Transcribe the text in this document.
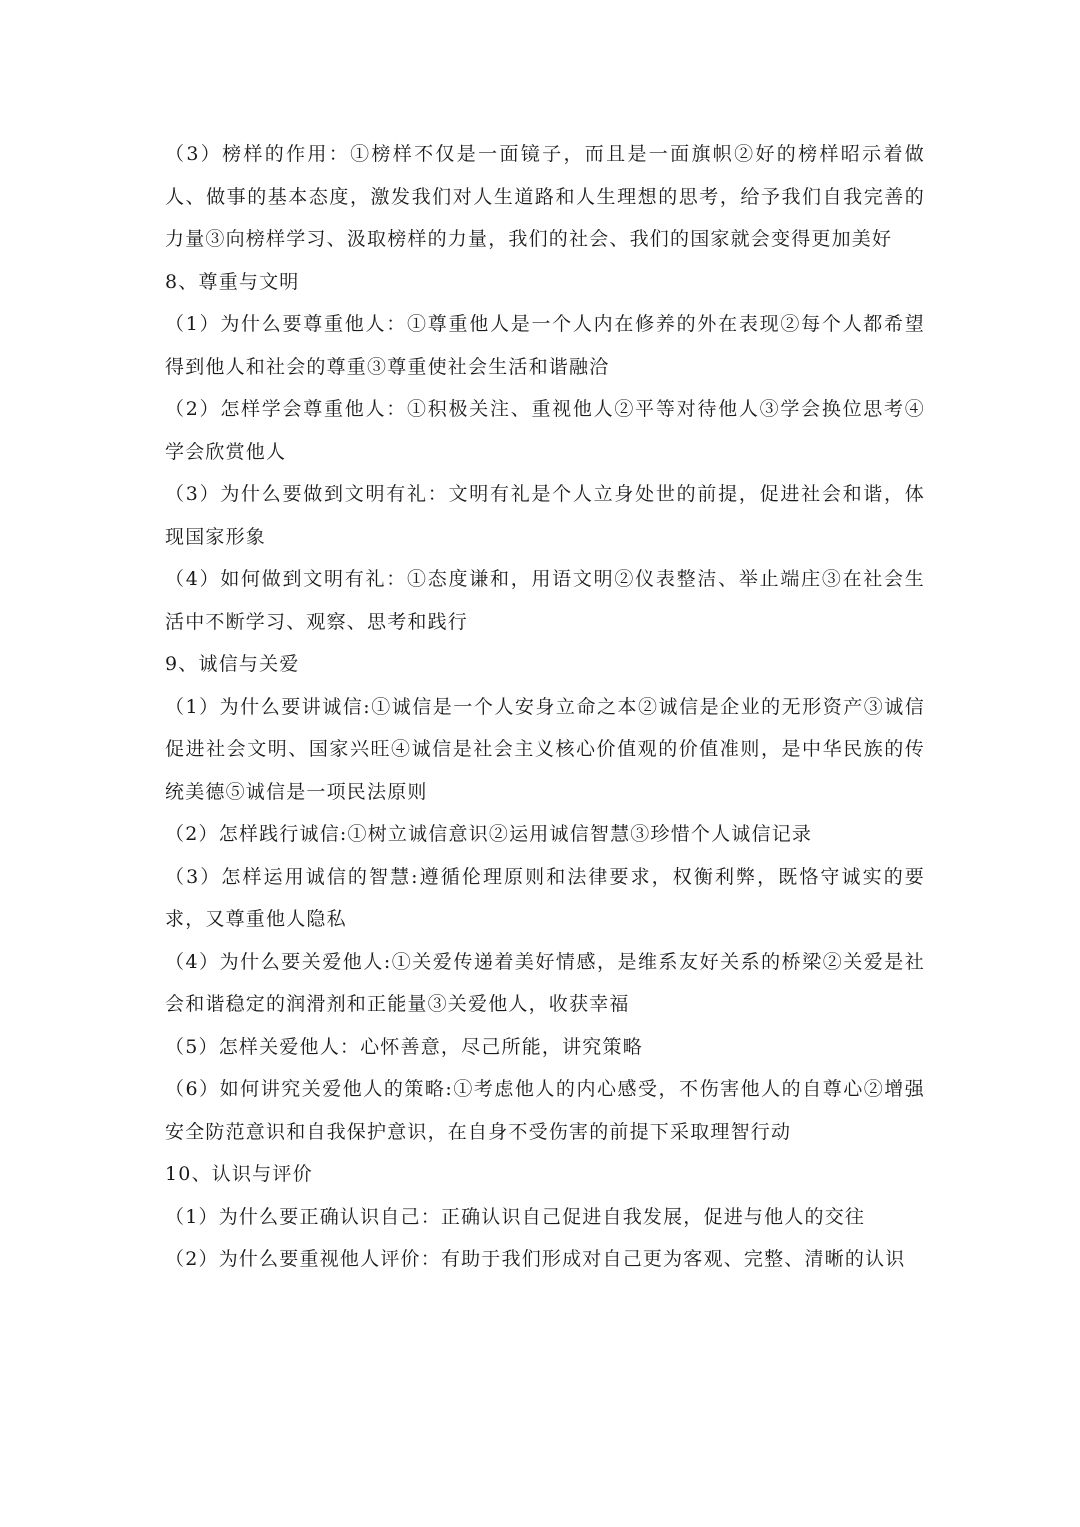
（3）榜样的作用：①榜样不仅是一面镜子，而且是一面旗帜②好的榜样昭示着做人、做事的基本态度，激发我们对人生道路和人生理想的思考，给予我们自我完善的力量③向榜样学习、汲取榜样的力量，我们的社会、我们的国家就会变得更加美好

8、尊重与文明

（1）为什么要尊重他人：①尊重他人是一个人内在修养的外在表现②每个人都希望得到他人和社会的尊重③尊重使社会生活和谐融洽

（2）怎样学会尊重他人：①积极关注、重视他人②平等对待他人③学会换位思考④学会欣赏他人

（3）为什么要做到文明有礼：文明有礼是个人立身处世的前提，促进社会和谐，体现国家形象

（4）如何做到文明有礼：①态度谦和，用语文明②仪表整洁、举止端庄③在社会生活中不断学习、观察、思考和践行

9、诚信与关爱

（1）为什么要讲诚信:①诚信是一个人安身立命之本②诚信是企业的无形资产③诚信促进社会文明、国家兴旺④诚信是社会主义核心价值观的价值准则，是中华民族的传统美德⑤诚信是一项民法原则

（2）怎样践行诚信:①树立诚信意识②运用诚信智慧③珍惜个人诚信记录

（3）怎样运用诚信的智慧:遵循伦理原则和法律要求，权衡利弊，既恪守诚实的要求，又尊重他人隐私

（4）为什么要关爱他人:①关爱传递着美好情感，是维系友好关系的桥梁②关爱是社会和谐稳定的润滑剂和正能量③关爱他人，收获幸福

（5）怎样关爱他人：心怀善意，尽己所能，讲究策略

（6）如何讲究关爱他人的策略:①考虑他人的内心感受，不伤害他人的自尊心②增强安全防范意识和自我保护意识，在自身不受伤害的前提下采取理智行动

10、认识与评价

（1）为什么要正确认识自己：正确认识自己促进自我发展，促进与他人的交往

（2）为什么要重视他人评价：有助于我们形成对自己更为客观、完整、清晰的认识
